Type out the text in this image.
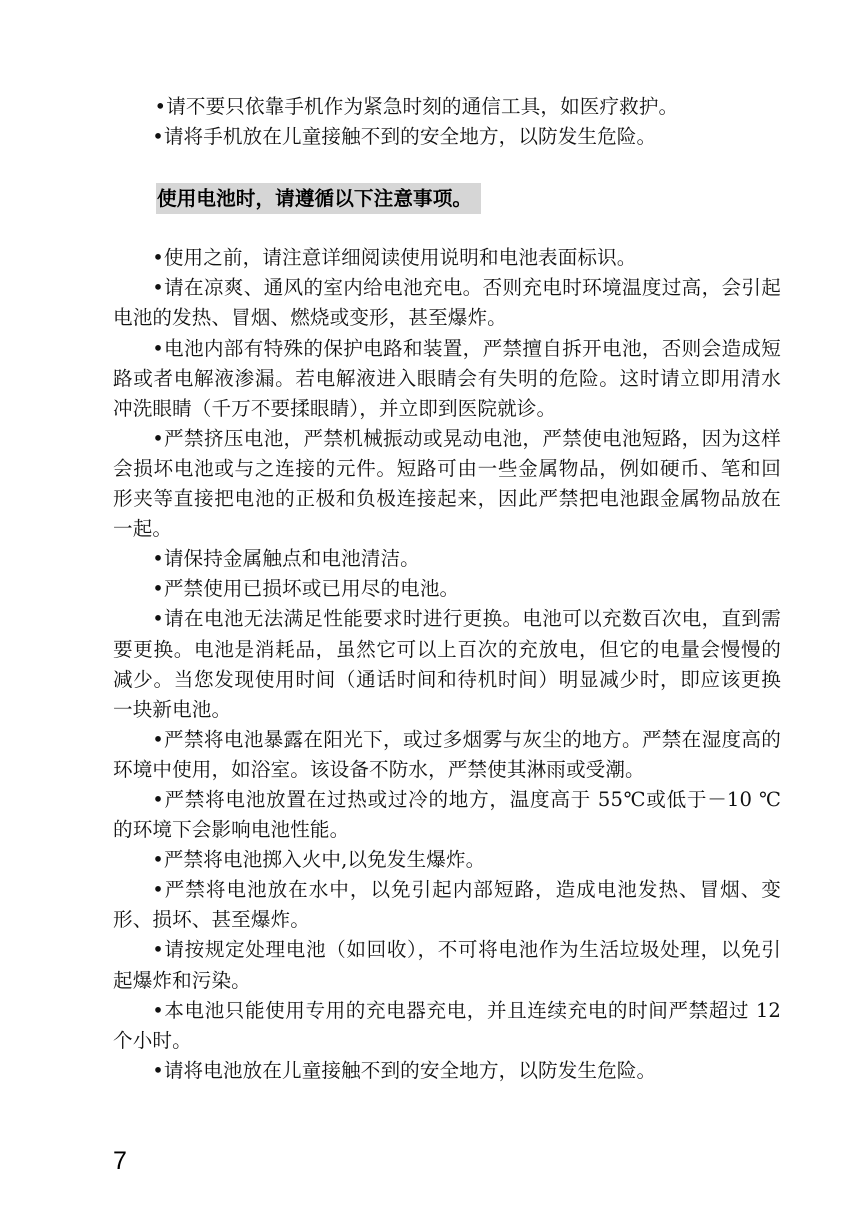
•请不要只依靠手机作为紧急时刻的通信工具，如医疗救护。

•请将手机放在儿童接触不到的安全地方，以防发生危险。

使用电池时，请遵循以下注意事项。

•使用之前，请注意详细阅读使用说明和电池表面标识。

•请在凉爽、通风的室内给电池充电。否则充电时环境温度过高，会引起电池的发热、冒烟、燃烧或变形，甚至爆炸。

•电池内部有特殊的保护电路和装置，严禁擅自拆开电池，否则会造成短路或者电解液渗漏。若电解液进入眼睛会有失明的危险。这时请立即用清水冲洗眼睛（千万不要揉眼睛），并立即到医院就诊。

•严禁挤压电池，严禁机械振动或晃动电池，严禁使电池短路，因为这样会损坏电池或与之连接的元件。短路可由一些金属物品，例如硬币、笔和回形夹等直接把电池的正极和负极连接起来，因此严禁把电池跟金属物品放在一起。

•请保持金属触点和电池清洁。

•严禁使用已损坏或已用尽的电池。

•请在电池无法满足性能要求时进行更换。电池可以充数百次电，直到需要更换。电池是消耗品，虽然它可以上百次的充放电，但它的电量会慢慢的减少。当您发现使用时间（通话时间和待机时间）明显减少时，即应该更换一块新电池。

•严禁将电池暴露在阳光下，或过多烟雾与灰尘的地方。严禁在湿度高的环境中使用，如浴室。该设备不防水，严禁使其淋雨或受潮。

•严禁将电池放置在过热或过冷的地方，温度高于 55℃或低于－10 ℃的环境下会影响电池性能。

•严禁将电池掷入火中,以免发生爆炸。

•严禁将电池放在水中，以免引起内部短路，造成电池发热、冒烟、变形、损坏、甚至爆炸。

•请按规定处理电池（如回收），不可将电池作为生活垃圾处理，以免引起爆炸和污染。

•本电池只能使用专用的充电器充电，并且连续充电的时间严禁超过 12 个小时。

•请将电池放在儿童接触不到的安全地方，以防发生危险。

7
